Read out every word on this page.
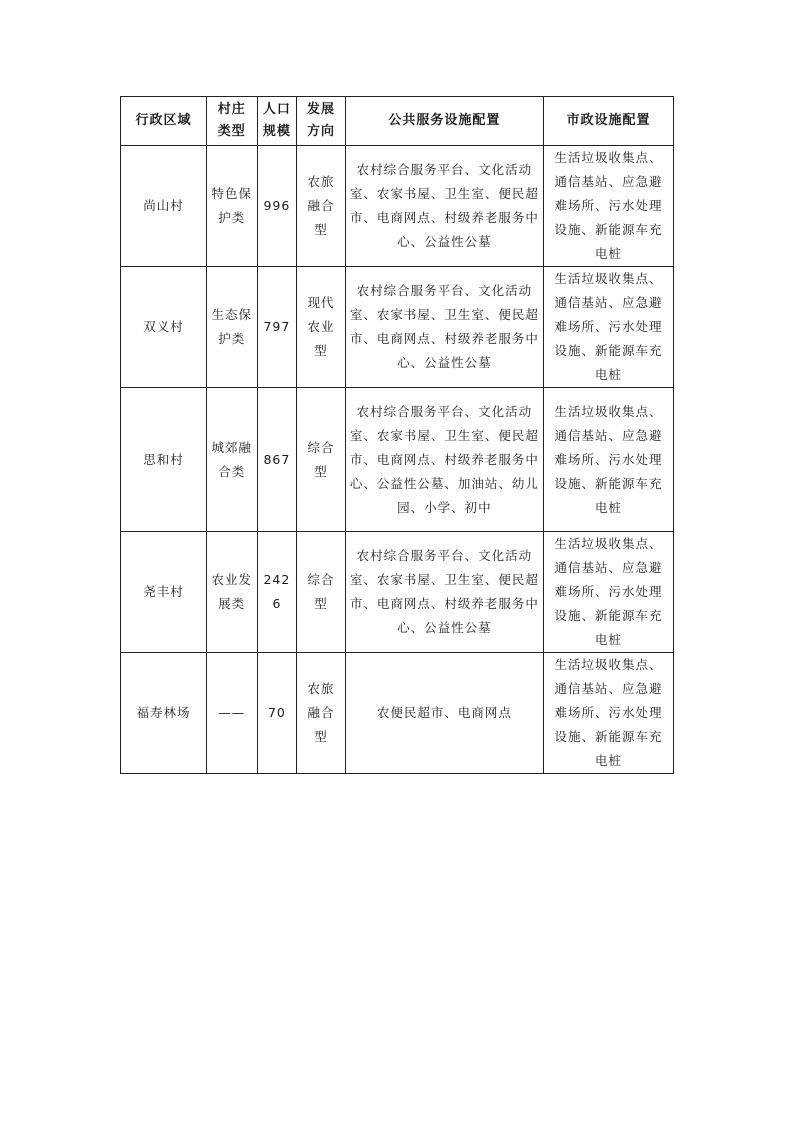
行政区域	村庄类型	人口规模	发展方向	公共服务设施配置	市政设施配置
尚山村	特色保护类	996	农旅融合型	农村综合服务平台、文化活动室、农家书屋、卫生室、便民超市、电商网点、村级养老服务中心、公益性公墓	生活垃圾收集点、通信基站、应急避难场所、污水处理设施、新能源车充电桩
双义村	生态保护类	797	现代农业型	农村综合服务平台、文化活动室、农家书屋、卫生室、便民超市、电商网点、村级养老服务中心、公益性公墓	生活垃圾收集点、通信基站、应急避难场所、污水处理设施、新能源车充电桩
思和村	城郊融合类	867	综合型	农村综合服务平台、文化活动室、农家书屋、卫生室、便民超市、电商网点、村级养老服务中心、公益性公墓、加油站、幼儿园、小学、初中	生活垃圾收集点、通信基站、应急避难场所、污水处理设施、新能源车充电桩
尧丰村	农业发展类	2426	综合型	农村综合服务平台、文化活动室、农家书屋、卫生室、便民超市、电商网点、村级养老服务中心、公益性公墓	生活垃圾收集点、通信基站、应急避难场所、污水处理设施、新能源车充电桩
福寿林场	——	70	农旅融合型	农便民超市、电商网点	生活垃圾收集点、通信基站、应急避难场所、污水处理设施、新能源车充电桩
